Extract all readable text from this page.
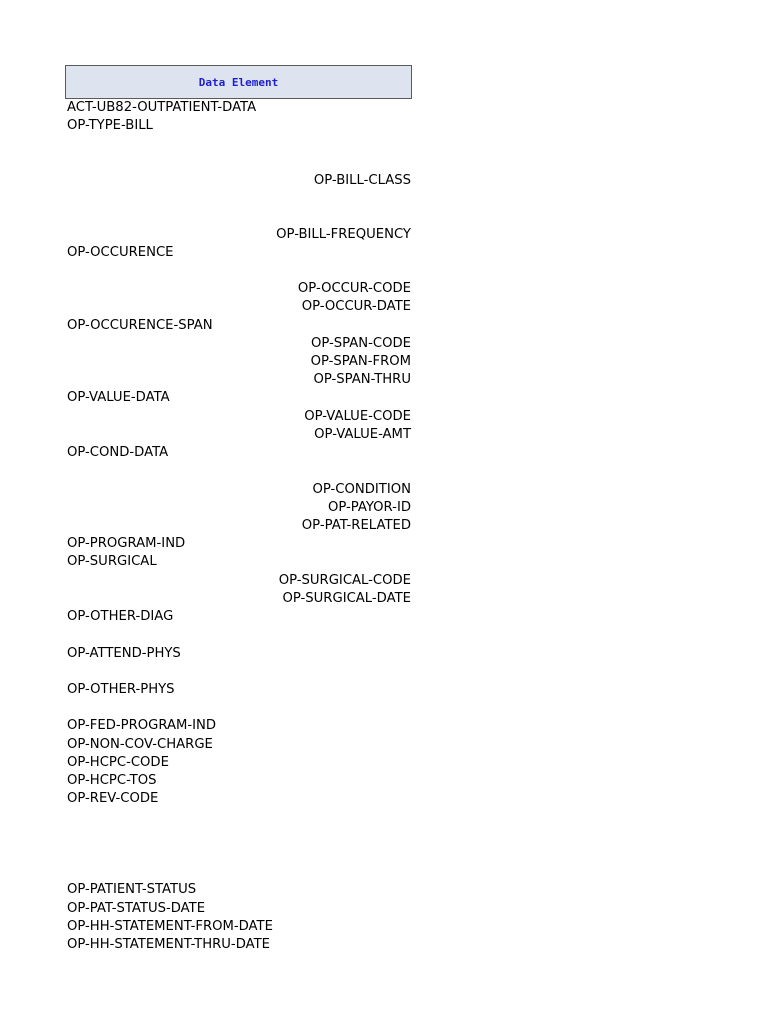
Data Element
ACT-UB82-OUTPATIENT-DATA
OP-TYPE-BILL
OP-BILL-CLASS
OP-BILL-FREQUENCY
OP-OCCURENCE
OP-OCCUR-CODE
OP-OCCUR-DATE
OP-OCCURENCE-SPAN
OP-SPAN-CODE
OP-SPAN-FROM
OP-SPAN-THRU
OP-VALUE-DATA
OP-VALUE-CODE
OP-VALUE-AMT
OP-COND-DATA
OP-CONDITION
OP-PAYOR-ID
OP-PAT-RELATED
OP-PROGRAM-IND
OP-SURGICAL
OP-SURGICAL-CODE
OP-SURGICAL-DATE
OP-OTHER-DIAG
OP-ATTEND-PHYS
OP-OTHER-PHYS
OP-FED-PROGRAM-IND
OP-NON-COV-CHARGE
OP-HCPC-CODE
OP-HCPC-TOS
OP-REV-CODE
OP-PATIENT-STATUS
OP-PAT-STATUS-DATE
OP-HH-STATEMENT-FROM-DATE
OP-HH-STATEMENT-THRU-DATE
